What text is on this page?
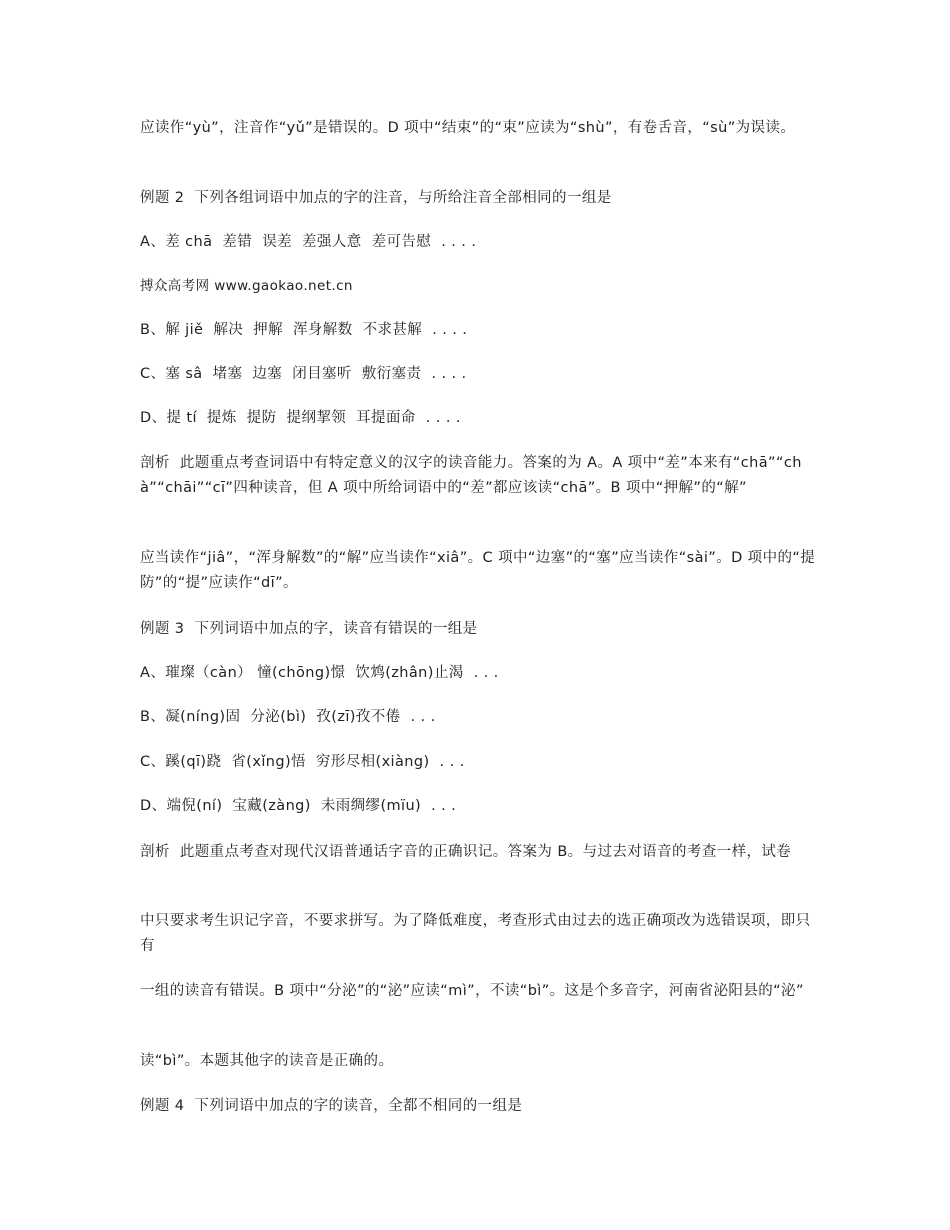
应读作“yù”，注音作“yǔ”是错误的。D 项中“结束”的“束”应读为“shù”，有卷舌音，“sù”为误读。
例题 2  下列各组词语中加点的字的注音，与所给注音全部相同的一组是
A、差 chā  差错  误差  差强人意  差可告慰  . . . .
搏众高考网 www.gaokao.net.cn
B、解 jiě  解决  押解  浑身解数  不求甚解  . . . .
C、塞 sâ  堵塞  边塞  闭目塞听  敷衍塞责  . . . .
D、提 tí  提炼  提防  提纲挈领  耳提面命  . . . .
剖析  此题重点考查词语中有特定意义的汉字的读音能力。答案的为 A。A 项中“差”本来有“chā”“chà”“chāi”“cī”四种读音，但 A 项中所给词语中的“差”都应该读“chā”。B 项中“押解”的“解”
应当读作“jiâ”，“浑身解数”的“解”应当读作“xiâ”。C 项中“边塞”的“塞”应当读作“sài”。D 项中的“提防”的“提”应读作“dī”。
例题 3  下列词语中加点的字，读音有错误的一组是
A、璀璨（càn） 憧(chōng)憬  饮鸩(zhân)止渴  . . .
B、凝(níng)固  分泌(bì)  孜(zī)孜不倦  . . .
C、蹊(qī)跷  省(xǐng)悟  穷形尽相(xiàng)  . . .
D、端倪(ní)  宝藏(zàng)  未雨绸缪(mïu)  . . .
剖析  此题重点考查对现代汉语普通话字音的正确识记。答案为 B。与过去对语音的考查一样，试卷
中只要求考生识记字音，不要求拼写。为了降低难度，考查形式由过去的选正确项改为选错误项，即只有
一组的读音有错误。B 项中“分泌”的“泌”应读“mì”，不读“bì”。这是个多音字，河南省泌阳县的“泌”
读“bì”。本题其他字的读音是正确的。
例题 4  下列词语中加点的字的读音，全都不相同的一组是
